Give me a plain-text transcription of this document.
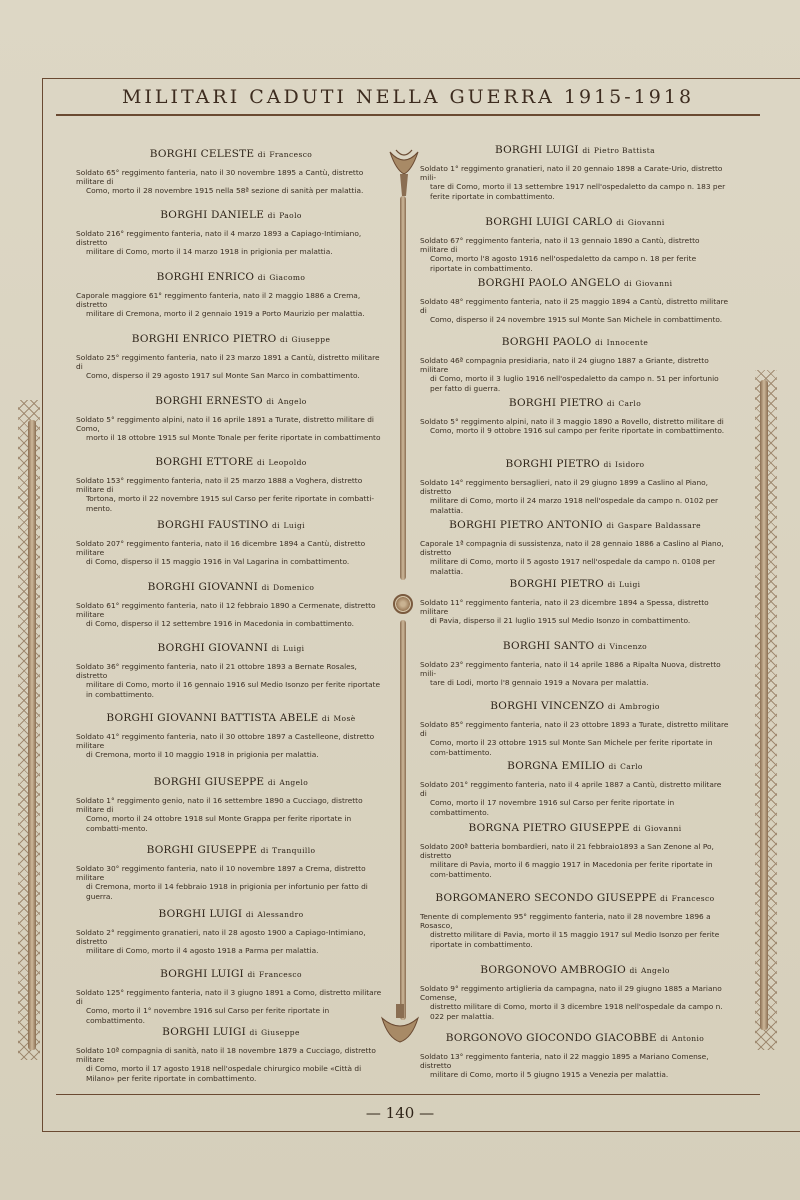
MILITARI CADUTI NELLA GUERRA 1915-1918
BORGHI CELESTE di Francesco
Soldato 65° reggimento fanteria, nato il 30 novembre 1895 a Cantù, distretto militare di
Como, morto il 28 novembre 1915 nella 58ª sezione di sanità per malattia.
BORGHI DANIELE di Paolo
Soldato 216° reggimento fanteria, nato il 4 marzo 1893 a Capiago-Intimiano, distretto
militare di Como, morto il 14 marzo 1918 in prigionia per malattia.
BORGHI ENRICO di Giacomo
Caporale maggiore 61° reggimento fanteria, nato il 2 maggio 1886 a Crema, distretto
militare di Cremona, morto il 2 gennaio 1919 a Porto Maurizio per malattia.
BORGHI ENRICO PIETRO di Giuseppe
Soldato 25° reggimento fanteria, nato il 23 marzo 1891 a Cantù, distretto militare di
Como, disperso il 29 agosto 1917 sul Monte San Marco in combattimento.
BORGHI ERNESTO di Angelo
Soldato 5° reggimento alpini, nato il 16 aprile 1891 a Turate, distretto militare di Como,
morto il 18 ottobre 1915 sul Monte Tonale per ferite riportate in combattimento
BORGHI ETTORE di Leopoldo
Soldato 153° reggimento fanteria, nato il 25 marzo 1888 a Voghera, distretto militare di
Tortona, morto il 22 novembre 1915 sul Carso per ferite riportate in combatti-mento.
BORGHI FAUSTINO di Luigi
Soldato 207° reggimento fanteria, nato il 16 dicembre 1894 a Cantù, distretto militare
di Como, disperso il 15 maggio 1916 in Val Lagarina in combattimento.
BORGHI GIOVANNI di Domenico
Soldato 61° reggimento fanteria, nato il 12 febbraio 1890 a Cermenate, distretto militare
di Como, disperso il 12 settembre 1916 in Macedonia in combattimento.
BORGHI GIOVANNI di Luigi
Soldato 36° reggimento fanteria, nato il 21 ottobre 1893 a Bernate Rosales, distretto
militare di Como, morto il 16 gennaio 1916 sul Medio Isonzo per ferite riportate in combattimento.
BORGHI GIOVANNI BATTISTA ABELE di Mosè
Soldato 41° reggimento fanteria, nato il 30 ottobre 1897 a Castelleone, distretto militare
di Cremona, morto il 10 maggio 1918 in prigionia per malattia.
BORGHI GIUSEPPE di Angelo
Soldato 1° reggimento genio, nato il 16 settembre 1890 a Cucciago, distretto militare di
Como, morto il 24 ottobre 1918 sul Monte Grappa per ferite riportate in combatti-mento.
BORGHI GIUSEPPE di Tranquillo
Soldato 30° reggimento fanteria, nato il 10 novembre 1897 a Crema, distretto militare
di Cremona, morto il 14 febbraio 1918 in prigionia per infortunio per fatto di guerra.
BORGHI LUIGI di Alessandro
Soldato 2° reggimento granatieri, nato il 28 agosto 1900 a Capiago-Intimiano, distretto
militare di Como, morto il 4 agosto 1918 a Parma per malattia.
BORGHI LUIGI di Francesco
Soldato 125° reggimento fanteria, nato il 3 giugno 1891 a Como, distretto militare di
Como, morto il 1° novembre 1916 sul Carso per ferite riportate in combattimento.
BORGHI LUIGI di Giuseppe
Soldato 10ª compagnia di sanità, nato il 18 novembre 1879 a Cucciago, distretto militare
di Como, morto il 17 agosto 1918 nell'ospedale chirurgico mobile «Città di Milano» per ferite riportate in combattimento.
BORGHI LUIGI di Pietro Battista
Soldato 1° reggimento granatieri, nato il 20 gennaio 1898 a Carate-Urio, distretto mili-
tare di Como, morto il 13 settembre 1917 nell'ospedaletto da campo n. 183 per ferite riportate in combattimento.
BORGHI LUIGI CARLO di Giovanni
Soldato 67° reggimento fanteria, nato il 13 gennaio 1890 a Cantù, distretto militare di
Como, morto l'8 agosto 1916 nell'ospedaletto da campo n. 18 per ferite riportate in combattimento.
BORGHI PAOLO ANGELO di Giovanni
Soldato 48° reggimento fanteria, nato il 25 maggio 1894 a Cantù, distretto militare di
Como, disperso il 24 novembre 1915 sul Monte San Michele in combattimento.
BORGHI PAOLO di Innocente
Soldato 46ª compagnia presidiaria, nato il 24 giugno 1887 a Griante, distretto militare
di Como, morto il 3 luglio 1916 nell'ospedaletto da campo n. 51 per infortunio per fatto di guerra.
BORGHI PIETRO di Carlo
Soldato 5° reggimento alpini, nato il 3 maggio 1890 a Rovello, distretto militare di
Como, morto il 9 ottobre 1916 sul campo per ferite riportate in combattimento.
BORGHI PIETRO di Isidoro
Soldato 14° reggimento bersaglieri, nato il 29 giugno 1899 a Caslino al Piano, distretto
militare di Como, morto il 24 marzo 1918 nell'ospedale da campo n. 0102 per malattia.
BORGHI PIETRO ANTONIO di Gaspare Baldassare
Caporale 1ª compagnia di sussistenza, nato il 28 gennaio 1886 a Caslino al Piano, distretto
militare di Como, morto il 5 agosto 1917 nell'ospedale da campo n. 0108 per malattia.
BORGHI PIETRO di Luigi
Soldato 11° reggimento fanteria, nato il 23 dicembre 1894 a Spessa, distretto militare
di Pavia, disperso il 21 luglio 1915 sul Medio Isonzo in combattimento.
BORGHI SANTO di Vincenzo
Soldato 23° reggimento fanteria, nato il 14 aprile 1886 a Ripalta Nuova, distretto mili-
tare di Lodi, morto l'8 gennaio 1919 a Novara per malattia.
BORGHI VINCENZO di Ambrogio
Soldato 85° reggimento fanteria, nato il 23 ottobre 1893 a Turate, distretto militare di
Como, morto il 23 ottobre 1915 sul Monte San Michele per ferite riportate in com-battimento.
BORGNA EMILIO di Carlo
Soldato 201° reggimento fanteria, nato il 4 aprile 1887 a Cantù, distretto militare di
Como, morto il 17 novembre 1916 sul Carso per ferite riportate in combattimento.
BORGNA PIETRO GIUSEPPE di Giovanni
Soldato 200ª batteria bombardieri, nato il 21 febbraio1893 a San Zenone al Po, distretto
militare di Pavia, morto il 6 maggio 1917 in Macedonia per ferite riportate in com-battimento.
BORGOMANERO SECONDO GIUSEPPE di Francesco
Tenente di complemento 95° reggimento fanteria, nato il 28 novembre 1896 a Rosasco,
distretto militare di Pavia, morto il 15 maggio 1917 sul Medio Isonzo per ferite riportate in combattimento.
BORGONOVO AMBROGIO di Angelo
Soldato 9° reggimento artiglieria da campagna, nato il 29 giugno 1885 a Mariano Comense,
distretto militare di Como, morto il 3 dicembre 1918 nell'ospedale da campo n. 022 per malattia.
BORGONOVO GIOCONDO GIACOBBE di Antonio
Soldato 13° reggimento fanteria, nato il 22 maggio 1895 a Mariano Comense, distretto
militare di Como, morto il 5 giugno 1915 a Venezia per malattia.
— 140 —
